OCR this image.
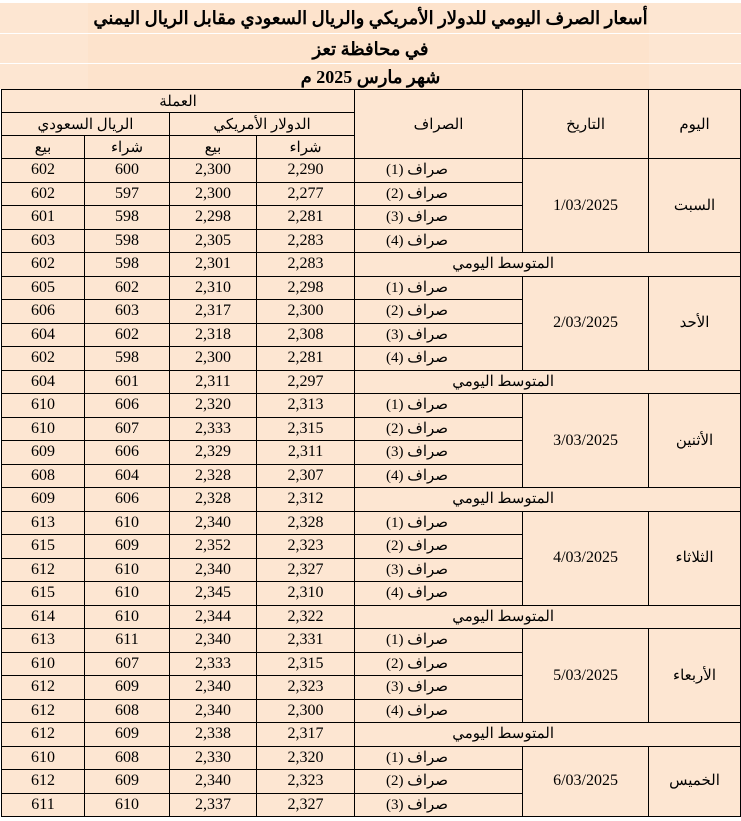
أسعار الصرف اليومي للدولار الأمريكي والريال السعودي مقابل الريال اليمني
في محافظة تعز
شهر مارس 2025 م
العملة				الصراف	التاريخ	اليوم
الريال السعودي		الدولار الأمريكي				
بيع	شراء	بيع	شراء			
602	600	2,300	2,290	صراف (1)	1/03/2025	السبت
602	597	2,300	2,277	صراف (2)		
601	598	2,298	2,281	صراف (3)		
603	598	2,305	2,283	صراف (4)		
602	598	2,301	2,283	المتوسط اليومي		
605	602	2,310	2,298	صراف (1)	2/03/2025	الأحد
606	603	2,317	2,300	صراف (2)		
604	602	2,318	2,308	صراف (3)		
602	598	2,300	2,281	صراف (4)		
604	601	2,311	2,297	المتوسط اليومي		
610	606	2,320	2,313	صراف (1)	3/03/2025	الأثنين
610	607	2,333	2,315	صراف (2)		
609	606	2,329	2,311	صراف (3)		
608	604	2,328	2,307	صراف (4)		
609	606	2,328	2,312	المتوسط اليومي		
613	610	2,340	2,328	صراف (1)	4/03/2025	الثلاثاء
615	609	2,352	2,323	صراف (2)		
612	610	2,340	2,327	صراف (3)		
615	610	2,345	2,310	صراف (4)		
614	610	2,344	2,322	المتوسط اليومي		
613	611	2,340	2,331	صراف (1)	5/03/2025	الأربعاء
610	607	2,333	2,315	صراف (2)		
612	609	2,340	2,323	صراف (3)		
612	608	2,340	2,300	صراف (4)		
612	609	2,338	2,317	المتوسط اليومي		
610	608	2,330	2,320	صراف (1)	6/03/2025	الخميس
612	609	2,340	2,323	صراف (2)		
611	610	2,337	2,327	صراف (3)		
